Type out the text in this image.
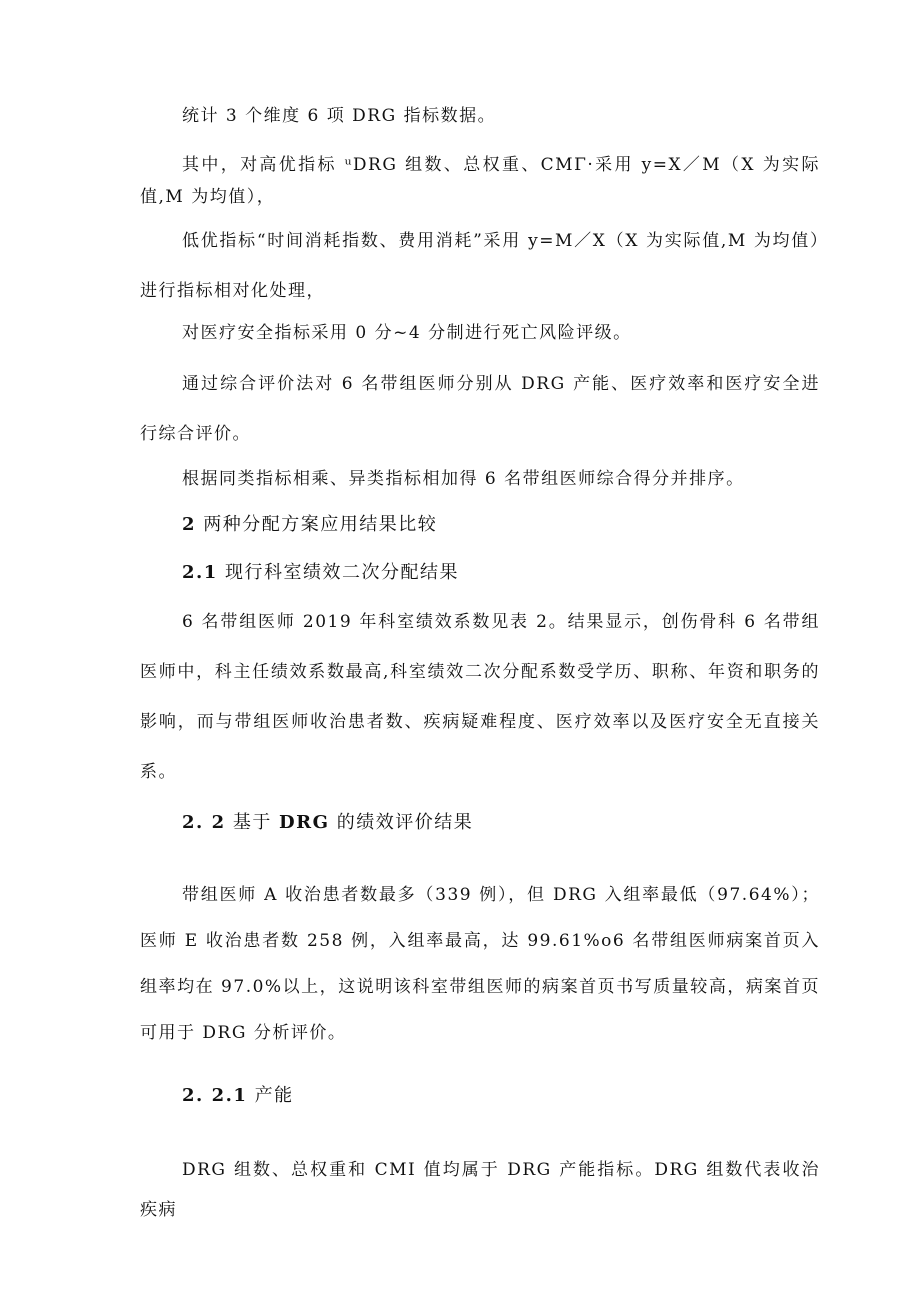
统计 3 个维度 6 项 DRG 指标数据。

其中，对高优指标 ᵘDRG 组数、总权重、CMΓ·采用 y=X／M（X 为实际值,M 为均值），

低优指标“时间消耗指数、费用消耗”采用 y=M／X（X 为实际值,M 为均值）进行指标相对化处理，

对医疗安全指标采用 0 分~4 分制进行死亡风险评级。

通过综合评价法对 6 名带组医师分别从 DRG 产能、医疗效率和医疗安全进行综合评价。

根据同类指标相乘、异类指标相加得 6 名带组医师综合得分并排序。

2 两种分配方案应用结果比较

2.1 现行科室绩效二次分配结果

6 名带组医师 2019 年科室绩效系数见表 2。结果显示，创伤骨科 6 名带组医师中，科主任绩效系数最高,科室绩效二次分配系数受学历、职称、年资和职务的影响，而与带组医师收治患者数、疾病疑难程度、医疗效率以及医疗安全无直接关系。

2. 2 基于 DRG 的绩效评价结果

带组医师 A 收治患者数最多（339 例），但 DRG 入组率最低（97.64%）；医师 E 收治患者数 258 例，入组率最高，达 99.61%o6 名带组医师病案首页入组率均在 97.0%以上，这说明该科室带组医师的病案首页书写质量较高，病案首页可用于 DRG 分析评价。

2. 2.1 产能

DRG 组数、总权重和 CMI 值均属于 DRG 产能指标。DRG 组数代表收治疾病
